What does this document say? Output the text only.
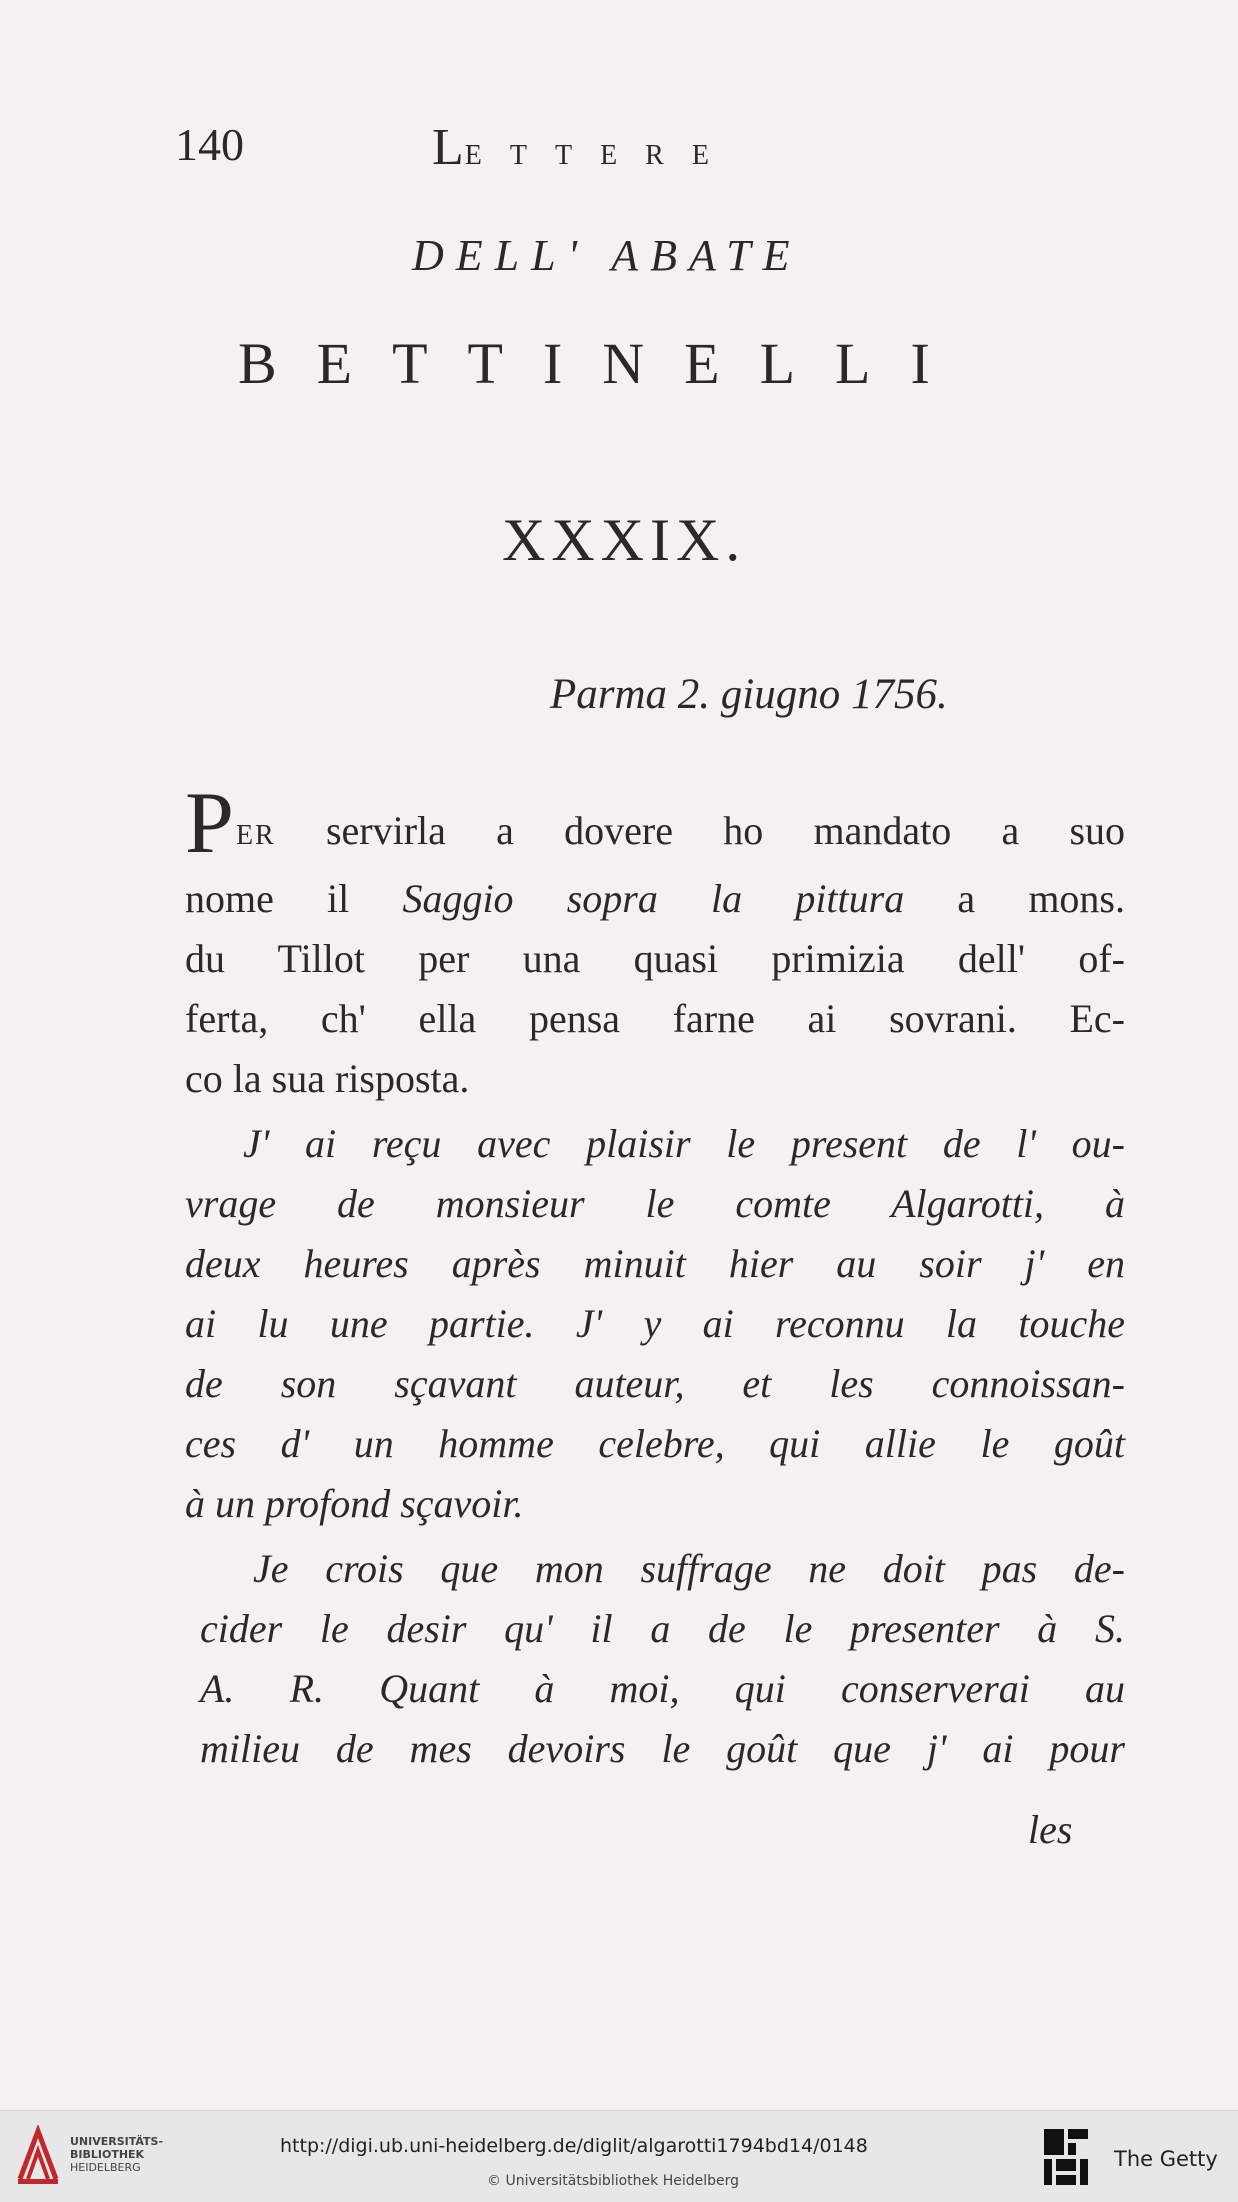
140	LETTERE
DELL' ABATE
BETTINELLI
XXXIX.
Parma 2. giugno 1756.
PER servirla a dovere ho mandato a suo
nome il Saggio sopra la pittura a mons.
du Tillot per una quasi primizia dell' of-
ferta, ch' ella pensa farne ai sovrani. Ec-
co la sua risposta.
J' ai reçu avec plaisir le present de l' ou-
vrage de monsieur le comte Algarotti, à
deux heures après minuit hier au soir j' en
ai lu une partie. J' y ai reconnu la touche
de son sçavant auteur, et les connoissan-
ces d' un homme celebre, qui allie le goût
à un profond sçavoir.
Je crois que mon suffrage ne doit pas de-
cider le desir qu' il a de le presenter à S.
A. R. Quant à moi, qui conserverai au
milieu de mes devoirs le goût que j' ai pour
les
UNIVERSITÄTS-
BIBLIOTHEK
HEIDELBERG
http://digi.ub.uni-heidelberg.de/diglit/algarotti1794bd14/0148
© Universitätsbibliothek Heidelberg
The Getty
